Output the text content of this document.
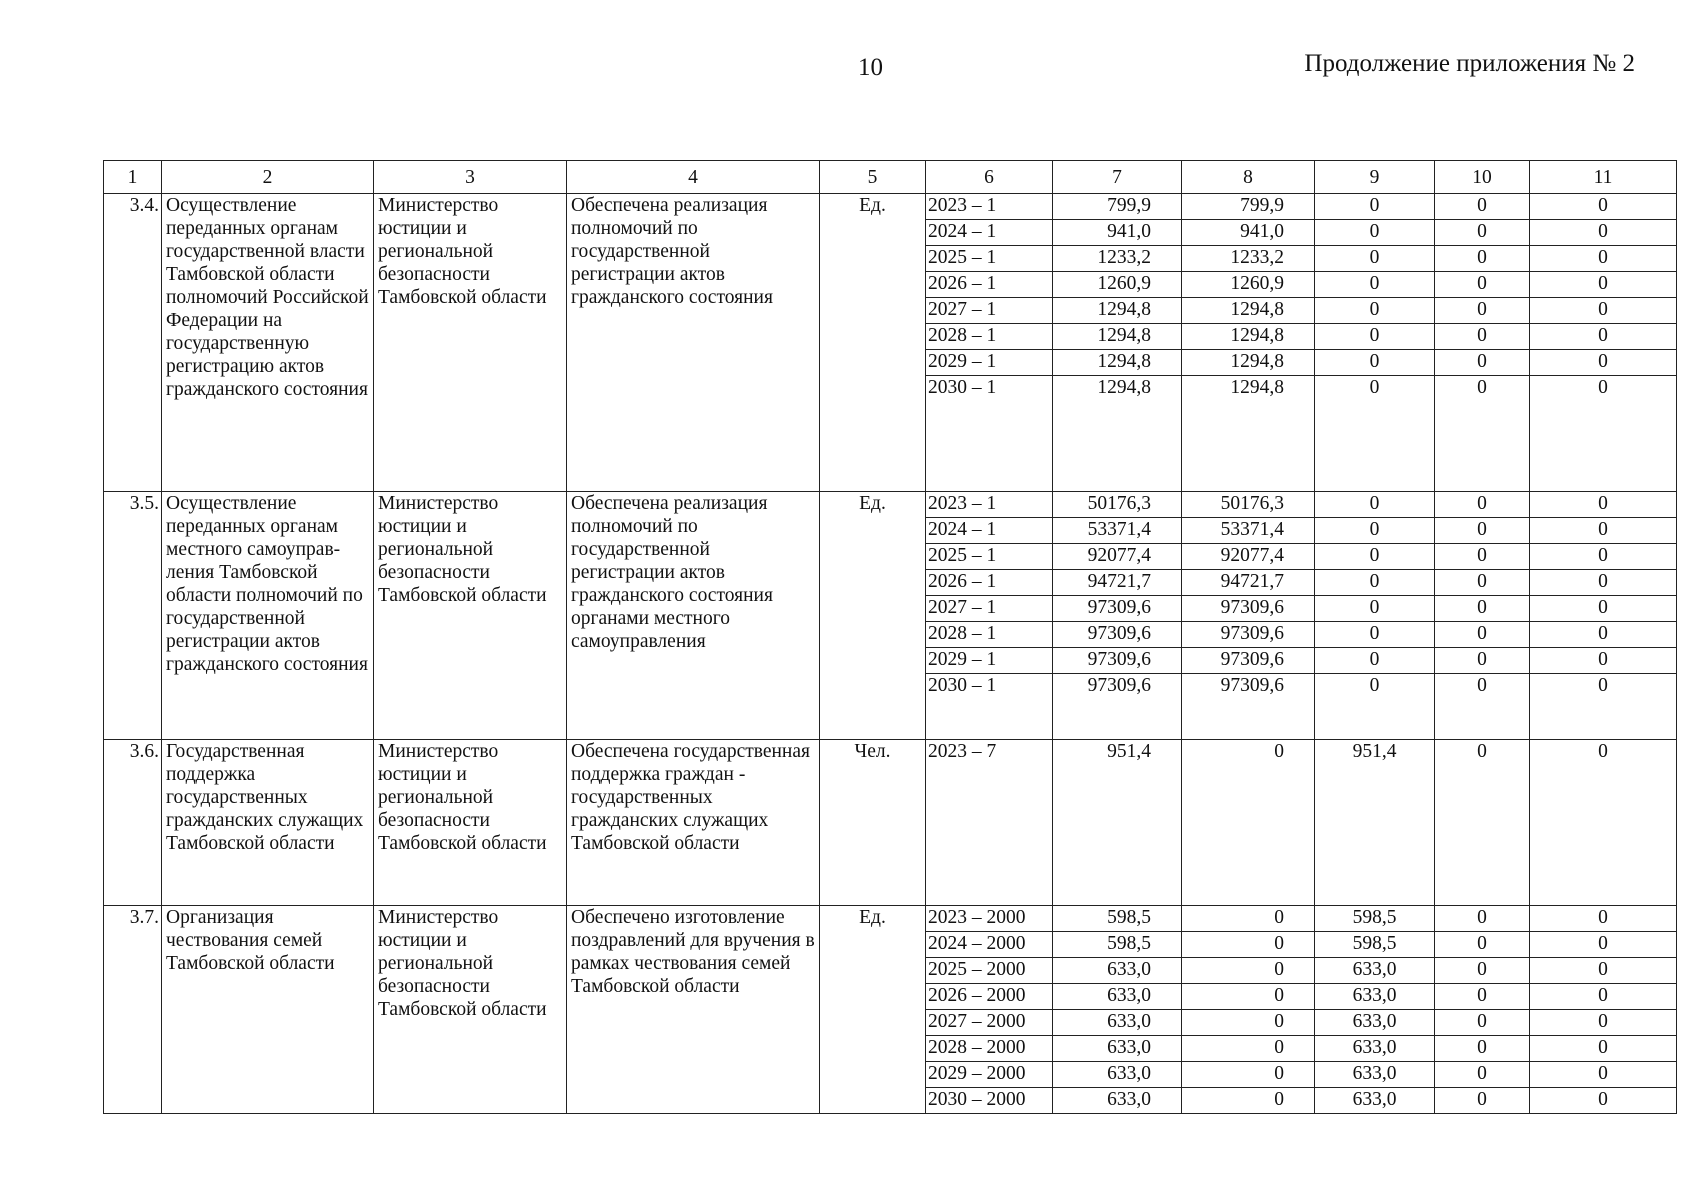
10	Продолжение приложения № 2
1	2	3	4	5	6	7	8	9	10	11
3.4.	Осуществление переданных органам государственной власти Тамбовской области полномочий Российской Федерации на государственную регистрацию актов гражданского состояния	Министерство юстиции и региональной безопасности Тамбовской области	Обеспечена реализация полномочий по государственной регистрации актов гражданского состояния	Ед.	2023 – 1	799,9	799,9	0	0	0
					2024 – 1	941,0	941,0	0	0	0
					2025 – 1	1233,2	1233,2	0	0	0
					2026 – 1	1260,9	1260,9	0	0	0
					2027 – 1	1294,8	1294,8	0	0	0
					2028 – 1	1294,8	1294,8	0	0	0
					2029 – 1	1294,8	1294,8	0	0	0
					2030 – 1	1294,8	1294,8	0	0	0
3.5.	Осуществление переданных органам местного самоуправ-ления Тамбовской области полномочий по государственной регистрации актов гражданского состояния	Министерство юстиции и региональной безопасности Тамбовской области	Обеспечена реализация полномочий по государственной регистрации актов гражданского состояния органами местного самоуправления	Ед.	2023 – 1	50176,3	50176,3	0	0	0
					2024 – 1	53371,4	53371,4	0	0	0
					2025 – 1	92077,4	92077,4	0	0	0
					2026 – 1	94721,7	94721,7	0	0	0
					2027 – 1	97309,6	97309,6	0	0	0
					2028 – 1	97309,6	97309,6	0	0	0
					2029 – 1	97309,6	97309,6	0	0	0
					2030 – 1	97309,6	97309,6	0	0	0
3.6.	Государственная поддержка государственных гражданских служащих Тамбовской области	Министерство юстиции и региональной безопасности Тамбовской области	Обеспечена государственная поддержка граждан - государственных гражданских служащих Тамбовской области	Чел.	2023 – 7	951,4	0	951,4	0	0
3.7.	Организация чествования семей Тамбовской области	Министерство юстиции и региональной безопасности Тамбовской области	Обеспечено изготовление поздравлений для вручения в рамках чествования семей Тамбовской области	Ед.	2023 – 2000	598,5	0	598,5	0	0
					2024 – 2000	598,5	0	598,5	0	0
					2025 – 2000	633,0	0	633,0	0	0
					2026 – 2000	633,0	0	633,0	0	0
					2027 – 2000	633,0	0	633,0	0	0
					2028 – 2000	633,0	0	633,0	0	0
					2029 – 2000	633,0	0	633,0	0	0
					2030 – 2000	633,0	0	633,0	0	0
